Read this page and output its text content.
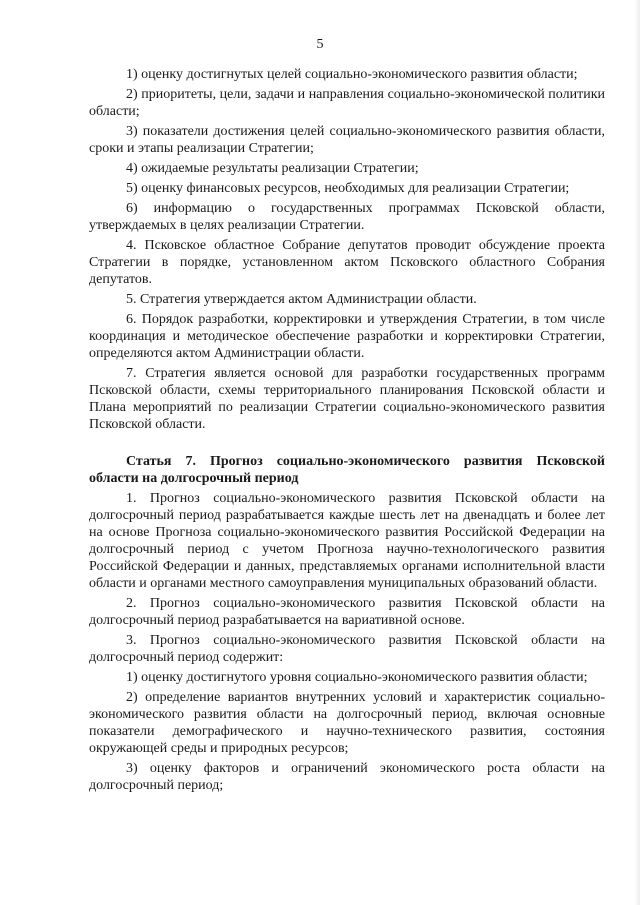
5

1) оценку достигнутых целей социально-экономического развития области;

2) приоритеты, цели, задачи и направления социально-экономической политики области;

3) показатели достижения целей социально-экономического развития области, сроки и этапы реализации Стратегии;

4) ожидаемые результаты реализации Стратегии;

5) оценку финансовых ресурсов, необходимых для реализации Стратегии;

6) информацию о государственных программах Псковской области, утверждаемых в целях реализации Стратегии.

4. Псковское областное Собрание депутатов проводит обсуждение проекта Стратегии в порядке, установленном актом Псковского областного Собрания депутатов.

5. Стратегия утверждается актом Администрации области.

6. Порядок разработки, корректировки и утверждения Стратегии, в том числе координация и методическое обеспечение разработки и корректировки Стратегии, определяются актом Администрации области.

7. Стратегия является основой для разработки государственных программ Псковской области, схемы территориального планирования Псковской области и Плана мероприятий по реализации Стратегии социально-экономического развития Псковской области.

Статья 7. Прогноз социально-экономического развития Псковской области на долгосрочный период

1. Прогноз социально-экономического развития Псковской области на долгосрочный период разрабатывается каждые шесть лет на двенадцать и более лет на основе Прогноза социально-экономического развития Российской Федерации на долгосрочный период с учетом Прогноза научно-технологического развития Российской Федерации и данных, представляемых органами исполнительной власти области и органами местного самоуправления муниципальных образований области.

2. Прогноз социально-экономического развития Псковской области на долгосрочный период разрабатывается на вариативной основе.

3. Прогноз социально-экономического развития Псковской области на долгосрочный период содержит:

1) оценку достигнутого уровня социально-экономического развития области;

2) определение вариантов внутренних условий и характеристик социально-экономического развития области на долгосрочный период, включая основные показатели демографического и научно-технического развития, состояния окружающей среды и природных ресурсов;

3) оценку факторов и ограничений экономического роста области на долгосрочный период;
